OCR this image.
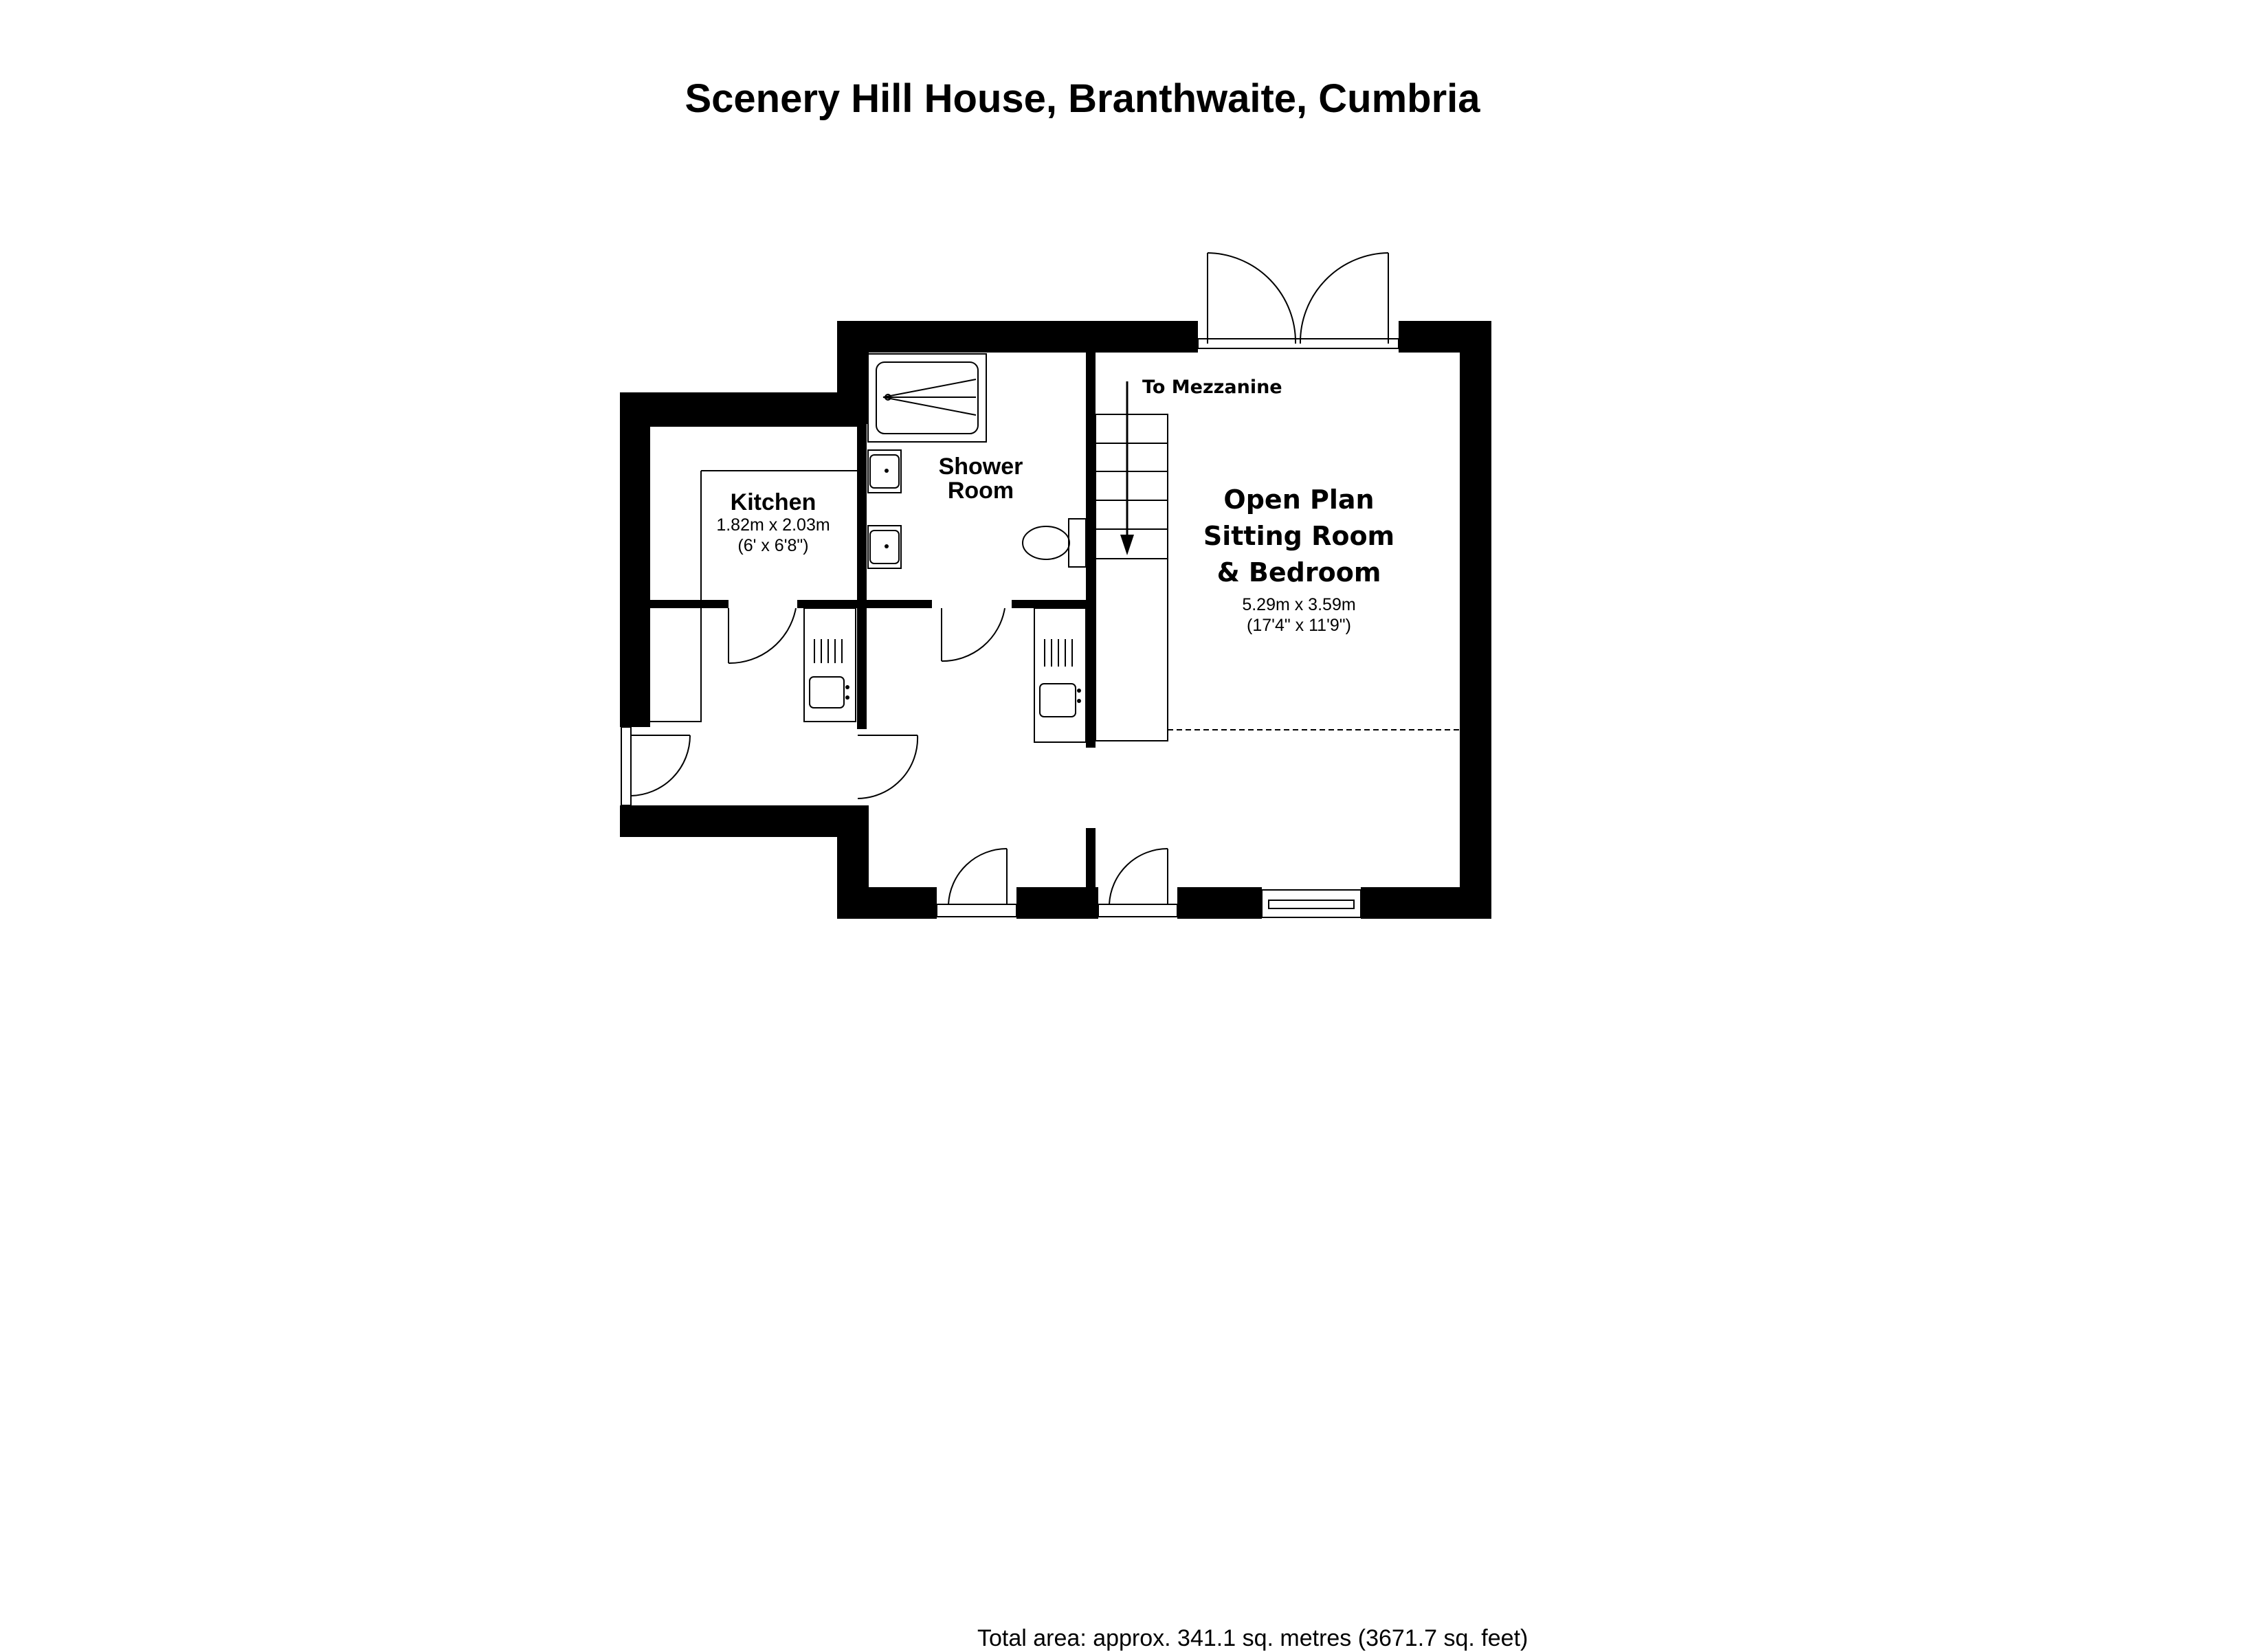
Scenery Hill House, Branthwaite, Cumbria
Kitchen
1.82m x 2.03m
(6' x 6'8")
Shower
Room
To Mezzanine
Open Plan
Sitting Room
& Bedroom
5.29m x 3.59m
(17'4" x 11'9")
Total area: approx. 341.1 sq. metres (3671.7 sq. feet)
